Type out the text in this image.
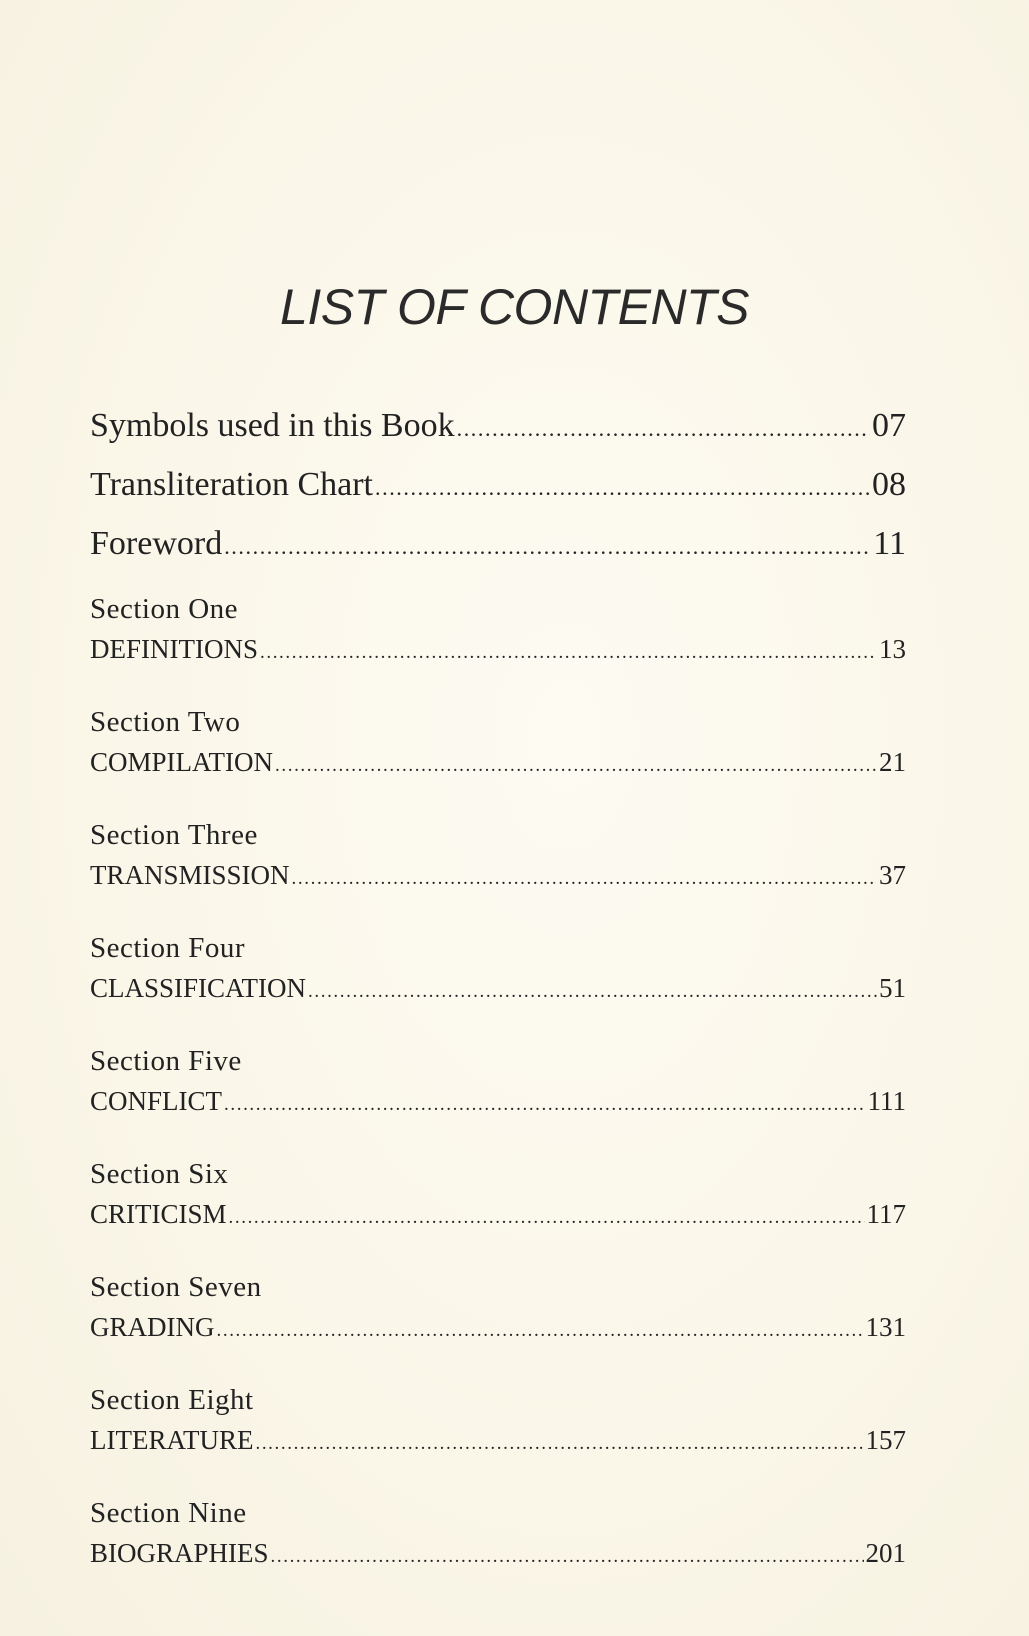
LIST OF CONTENTS
Symbols used in this Book .....	07
Transliteration Chart .....	08
Foreword .....	11
Section One
DEFINITIONS .....	13
Section Two
COMPILATION .....	21
Section Three
TRANSMISSION .....	37
Section Four
CLASSIFICATION .....	51
Section Five
CONFLICT .....	111
Section Six
CRITICISM .....	117
Section Seven
GRADING .....	131
Section Eight
LITERATURE .....	157
Section Nine
BIOGRAPHIES .....	201
